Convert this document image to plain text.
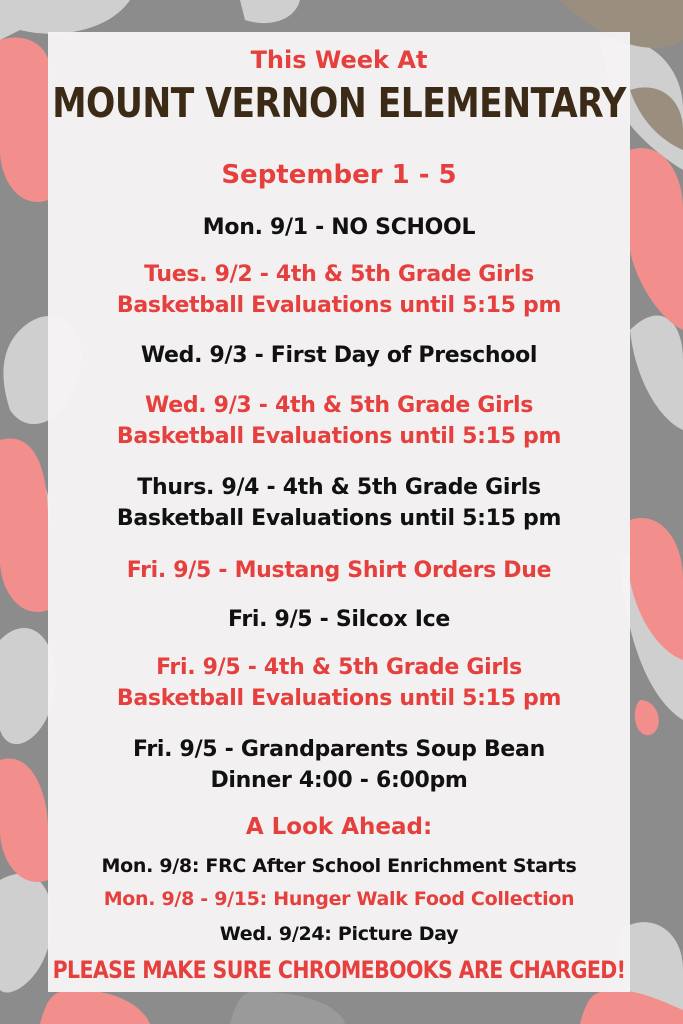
This Week At
MOUNT VERNON ELEMENTARY
September 1 - 5
Mon. 9/1 - NO SCHOOL
Tues. 9/2 - 4th & 5th Grade Girls
Basketball Evaluations until 5:15 pm
Wed. 9/3 - First Day of Preschool
Wed. 9/3 - 4th & 5th Grade Girls
Basketball Evaluations until 5:15 pm
Thurs. 9/4 - 4th & 5th Grade Girls
Basketball Evaluations until 5:15 pm
Fri. 9/5 - Mustang Shirt Orders Due
Fri. 9/5 - Silcox Ice
Fri. 9/5 - 4th & 5th Grade Girls
Basketball Evaluations until 5:15 pm
Fri. 9/5 - Grandparents Soup Bean
Dinner 4:00 - 6:00pm
A Look Ahead:
Mon. 9/8: FRC After School Enrichment Starts
Mon. 9/8 - 9/15: Hunger Walk Food Collection
Wed. 9/24: Picture Day
PLEASE MAKE SURE CHROMEBOOKS ARE CHARGED!
